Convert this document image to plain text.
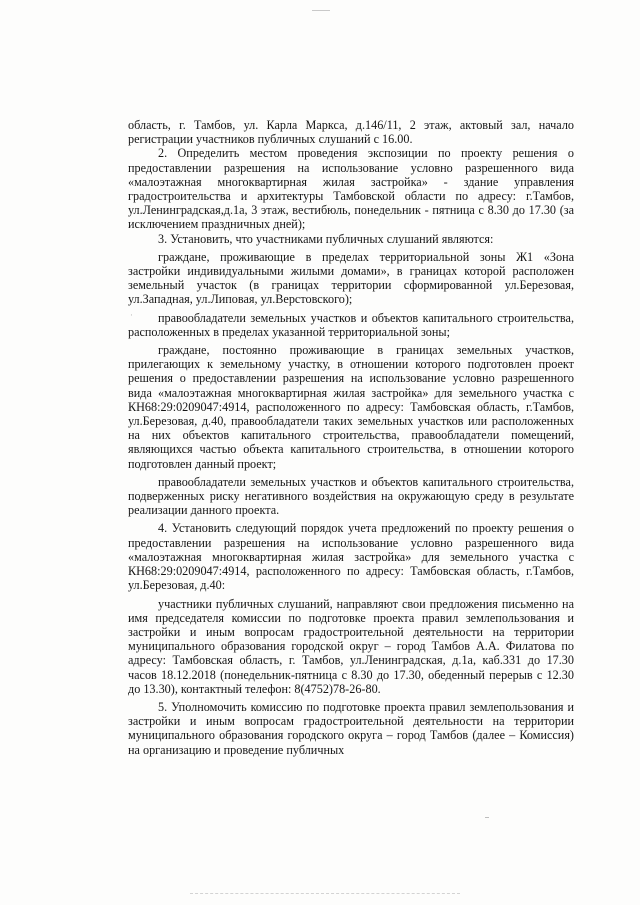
·

область, г. Тамбов, ул. Карла Маркса, д.146/11, 2 этаж, актовый зал, начало регистрации участников публичных слушаний с 16.00.

2. Определить местом проведения экспозиции по проекту решения о предоставлении разрешения на использование условно разрешенного вида «малоэтажная многоквартирная жилая застройка» - здание управления градостроительства и архитектуры Тамбовской области по адресу: г.Тамбов, ул.Ленинградская,д.1а, 3 этаж, вестибюль, понедельник - пятница с 8.30 до 17.30 (за исключением праздничных дней);

3. Установить, что участниками публичных слушаний являются:

граждане, проживающие в пределах территориальной зоны Ж1 «Зона застройки индивидуальными жилыми домами», в границах которой расположен земельный участок (в границах территории сформированной ул.Березовая, ул.Западная, ул.Липовая, ул.Верстовского);

правообладатели земельных участков и объектов капитального строительства, расположенных в пределах указанной территориальной зоны;

граждане, постоянно проживающие в границах земельных участков, прилегающих к земельному участку, в отношении которого подготовлен проект решения о предоставлении разрешения на использование условно разрешенного вида «малоэтажная многоквартирная жилая застройка» для земельного участка с КН68:29:0209047:4914, расположенного по адресу: Тамбовская область, г.Тамбов, ул.Березовая, д.40, правообладатели таких земельных участков или расположенных на них объектов капитального строительства, правообладатели помещений, являющихся частью объекта капитального строительства, в отношении которого подготовлен данный проект;

правообладатели земельных участков и объектов капитального строительства, подверженных риску негативного воздействия на окружающую среду в результате реализации данного проекта.

4. Установить следующий порядок учета предложений по проекту решения о предоставлении разрешения на использование условно разрешенного вида «малоэтажная многоквартирная жилая застройка» для земельного участка с КН68:29:0209047:4914, расположенного по адресу: Тамбовская область, г.Тамбов, ул.Березовая, д.40:

участники публичных слушаний, направляют свои предложения письменно на имя председателя комиссии по подготовке проекта правил землепользования и застройки и иным вопросам градостроительной деятельности на территории муниципального образования городской округ – город Тамбов А.А. Филатова по адресу: Тамбовская область, г. Тамбов, ул.Ленинградская, д.1а, каб.331 до 17.30 часов 18.12.2018 (понедельник-пятница с 8.30 до 17.30, обеденный перерыв с 12.30 до 13.30), контактный телефон: 8(4752)78-26-80.

5. Уполномочить комиссию по подготовке проекта правил землепользования и застройки и иным вопросам градостроительной деятельности на территории муниципального образования городского округа – город Тамбов (далее – Комиссия) на организацию и проведение публичных
